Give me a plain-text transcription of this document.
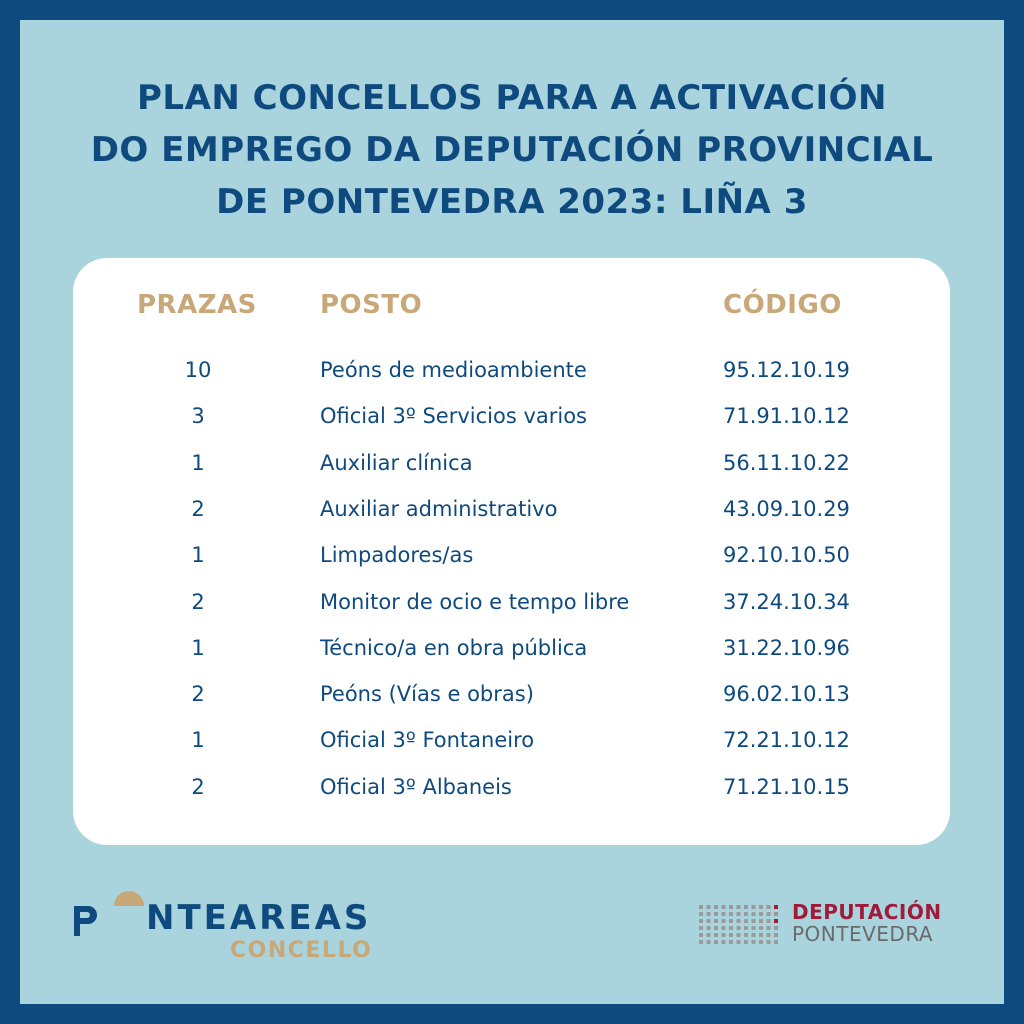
PLAN CONCELLOS PARA A ACTIVACIÓN
DO EMPREGO DA DEPUTACIÓN PROVINCIAL
DE PONTEVEDRA 2023: LIÑA 3
PRAZAS POSTO	CÓDIGO
10	Peóns de medioambiente	95.12.10.19
3	Oficial 3º Servicios varios	71.91.10.12
1	Auxiliar clínica	56.11.10.22
2	Auxiliar administrativo	43.09.10.29
1	Limpadores/as	92.10.10.50
2	Monitor de ocio e tempo libre	37.24.10.34
1	Técnico/a en obra pública	31.22.10.96
2	Peóns (Vías e obras)	96.02.10.13
1	Oficial 3º Fontaneiro	72.21.10.12
2	Oficial 3º Albaneis	71.21.10.15
NTEAREAS
CONCELLO
DEPUTACIÓN
PONTEVEDRA
